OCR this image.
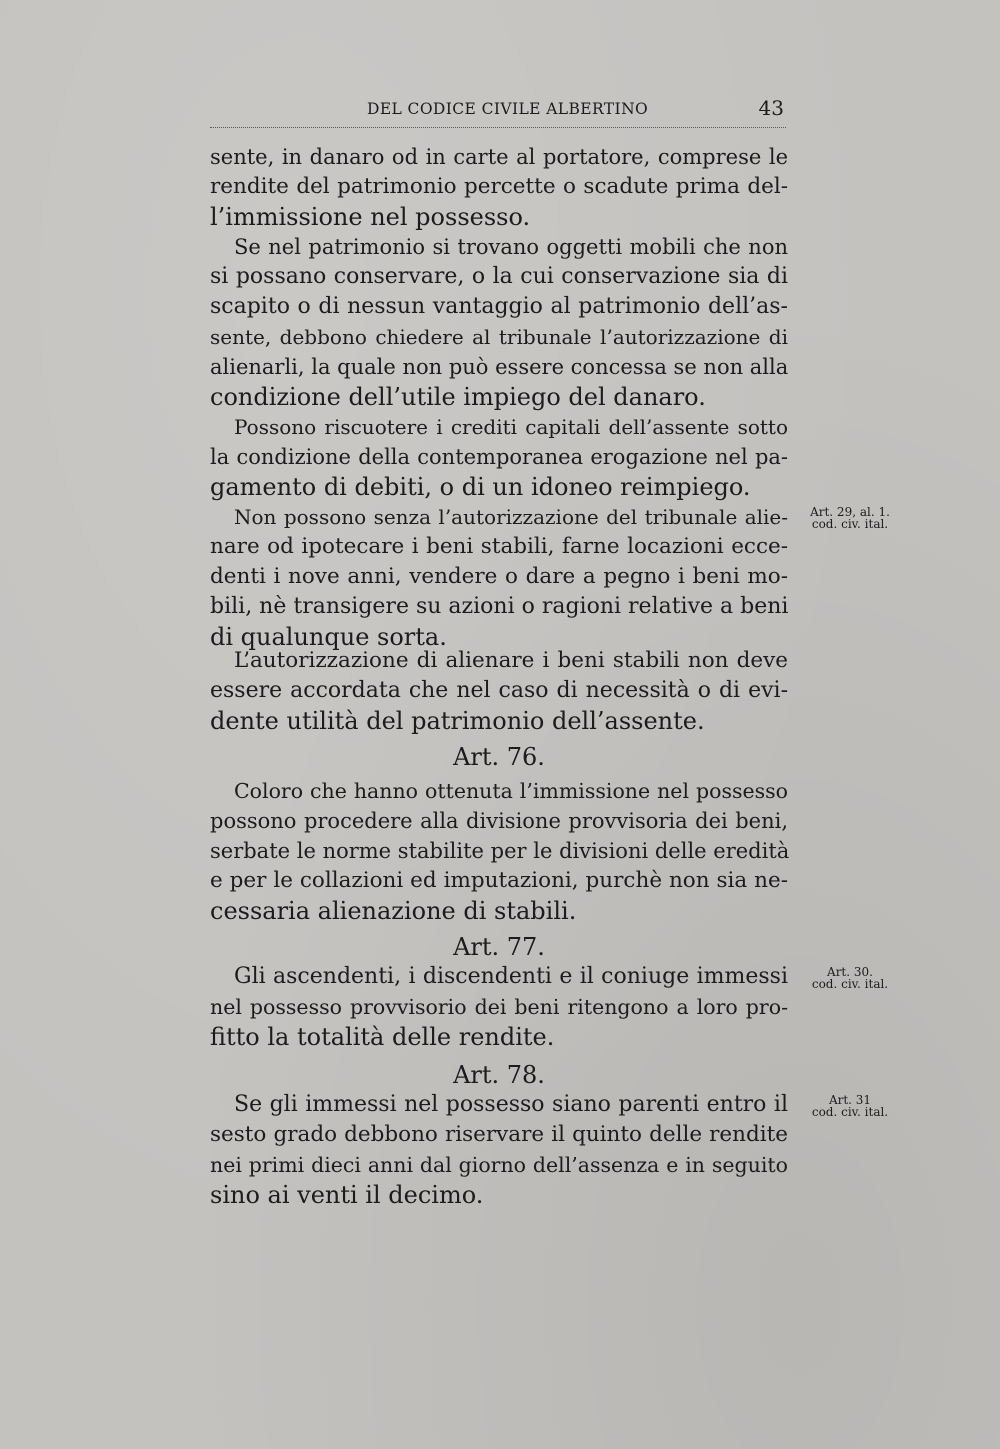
DEL CODICE CIVILE ALBERTINO	43
sente, in danaro od in carte al portatore, comprese le
rendite del patrimonio percette o scadute prima del-
l’immissione nel possesso.
Se nel patrimonio si trovano oggetti mobili che non
si possano conservare, o la cui conservazione sia di
scapito o di nessun vantaggio al patrimonio dell’as-
sente, debbono chiedere al tribunale l’autorizzazione di
alienarli, la quale non può essere concessa se non alla
condizione dell’utile impiego del danaro.
Possono riscuotere i crediti capitali dell’assente sotto
la condizione della contemporanea erogazione nel pa-
gamento di debiti, o di un idoneo reimpiego.
Non possono senza l’autorizzazione del tribunale alie-
nare od ipotecare i beni stabili, farne locazioni ecce-
denti i nove anni, vendere o dare a pegno i beni mo-
bili, nè transigere su azioni o ragioni relative a beni
di qualunque sorta.
L’autorizzazione di alienare i beni stabili non deve
essere accordata che nel caso di necessità o di evi-
dente utilità del patrimonio dell’assente.
Art. 76.
Coloro che hanno ottenuta l’immissione nel possesso
possono procedere alla divisione provvisoria dei beni,
serbate le norme stabilite per le divisioni delle eredità
e per le collazioni ed imputazioni, purchè non sia ne-
cessaria alienazione di stabili.
Art. 77.
Gli ascendenti, i discendenti e il coniuge immessi
nel possesso provvisorio dei beni ritengono a loro pro-
fitto la totalità delle rendite.
Art. 78.
Se gli immessi nel possesso siano parenti entro il
sesto grado debbono riservare il quinto delle rendite
nei primi dieci anni dal giorno dell’assenza e in seguito
sino ai venti il decimo.
Art. 29, al. 1.
cod. civ. ital.
Art. 30.
cod. civ. ital.
Art. 31
cod. civ. ital.
